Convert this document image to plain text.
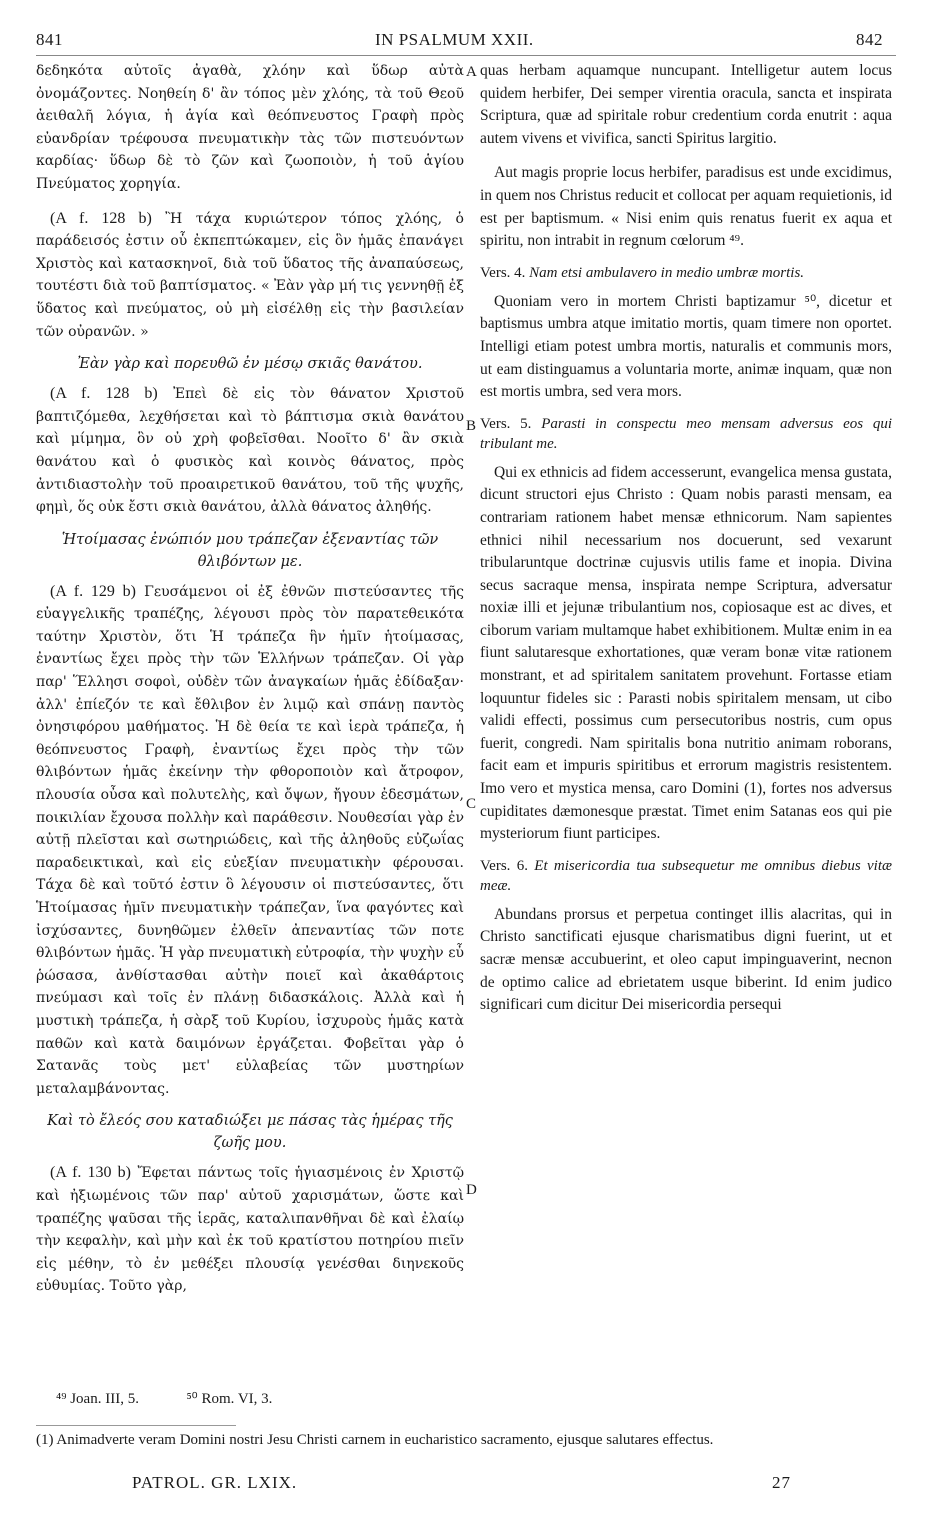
841	IN PSALMUM XXII.	842
A
B
C
D

δεδηκότα αὐτοῖς ἀγαθὰ, χλόην καὶ ὕδωρ αὐτὰ ὀνομάζοντες. Νοηθείη δ' ἂν τόπος μὲν χλόης, τὰ τοῦ Θεοῦ ἀειθαλῆ λόγια, ἡ ἁγία καὶ θεόπνευστος Γραφὴ πρὸς εὐανδρίαν τρέφουσα πνευματικὴν τὰς τῶν πιστευόντων καρδίας· ὕδωρ δὲ τὸ ζῶν καὶ ζωοποιὸν, ἡ τοῦ ἁγίου Πνεύματος χορηγία.

(A f. 128 b) Ἢ τάχα κυριώτερον τόπος χλόης, ὁ παράδεισός ἐστιν οὗ ἐκπεπτώκαμεν, εἰς ὃν ἡμᾶς ἐπανάγει Χριστὸς καὶ κατασκηνοῖ, διὰ τοῦ ὕδατος τῆς ἀναπαύσεως, τουτέστι διὰ τοῦ βαπτίσματος. « Ἐὰν γὰρ μή τις γεννηθῇ ἐξ ὕδατος καὶ πνεύματος, οὐ μὴ εἰσέλθῃ εἰς τὴν βασιλείαν τῶν οὐρανῶν. »

Ἐὰν γὰρ καὶ πορευθῶ ἐν μέσῳ σκιᾶς θανάτου.

(A f. 128 b) Ἐπεὶ δὲ εἰς τὸν θάνατον Χριστοῦ βαπτιζόμεθα, λεχθήσεται καὶ τὸ βάπτισμα σκιὰ θανάτου καὶ μίμημα, ὃν οὐ χρὴ φοβεῖσθαι. Νοοῖτο δ' ἂν σκιὰ θανάτου καὶ ὁ φυσικὸς καὶ κοινὸς θάνατος, πρὸς ἀντιδιαστολὴν τοῦ προαιρετικοῦ θανάτου, τοῦ τῆς ψυχῆς, φημὶ, ὅς οὐκ ἔστι σκιὰ θανάτου, ἀλλὰ θάνατος ἀληθής.

Ἡτοίμασας ἐνώπιόν μου τράπεζαν ἐξεναντίας τῶν θλιβόντων με.

(A f. 129 b) Γευσάμενοι οἱ ἐξ ἐθνῶν πιστεύσαντες τῆς εὐαγγελικῆς τραπέζης, λέγουσι πρὸς τὸν παρατεθεικότα ταύτην Χριστὸν, ὅτι Ἡ τράπεζα ἣν ἡμῖν ἡτοίμασας, ἐναντίως ἔχει πρὸς τὴν τῶν Ἑλλήνων τράπεζαν. Οἱ γὰρ παρ' Ἕλλησι σοφοὶ, οὐδὲν τῶν ἀναγκαίων ἡμᾶς ἐδίδαξαν· ἀλλ' ἐπίεζόν τε καὶ ἔθλιβον ἐν λιμῷ καὶ σπάνῃ παντὸς ὀνησιφόρου μαθήματος. Ἡ δὲ θεία τε καὶ ἱερὰ τράπεζα, ἡ θεόπνευστος Γραφὴ, ἐναντίως ἔχει πρὸς τὴν τῶν θλιβόντων ἡμᾶς ἐκείνην τὴν φθοροποιὸν καὶ ἄτροφον, πλουσία οὖσα καὶ πολυτελὴς, καὶ ὄψων, ἤγουν ἐδεσμάτων, ποικιλίαν ἔχουσα πολλὴν καὶ παράθεσιν. Νουθεσίαι γὰρ ἐν αὐτῇ πλεῖσται καὶ σωτηριώδεις, καὶ τῆς ἀληθοῦς εὐζωΐας παραδεικτικαὶ, καὶ εἰς εὐεξίαν πνευματικὴν φέρουσαι. Τάχα δὲ καὶ τοῦτό ἐστιν ὃ λέγουσιν οἱ πιστεύσαντες, ὅτι Ἡτοίμασας ἡμῖν πνευματικὴν τράπεζαν, ἵνα φαγόντες καὶ ἰσχύσαντες, δυνηθῶμεν ἐλθεῖν ἀπεναντίας τῶν ποτε θλιβόντων ἡμᾶς. Ἡ γὰρ πνευματικὴ εὐτροφία, τὴν ψυχὴν εὖ ῥώσασα, ἀνθίστασθαι αὐτὴν ποιεῖ καὶ ἀκαθάρτοις πνεύμασι καὶ τοῖς ἐν πλάνῃ διδασκάλοις. Ἀλλὰ καὶ ἡ μυστικὴ τράπεζα, ἡ σὰρξ τοῦ Κυρίου, ἰσχυροὺς ἡμᾶς κατὰ παθῶν καὶ κατὰ δαιμόνων ἐργάζεται. Φοβεῖται γὰρ ὁ Σατανᾶς τοὺς μετ' εὐλαβείας τῶν μυστηρίων μεταλαμβάνοντας.

Καὶ τὸ ἔλεός σου καταδιώξει με πάσας τὰς ἡμέρας τῆς ζωῆς μου.

(A f. 130 b) Ἔφεται πάντως τοῖς ἡγιασμένοις ἐν Χριστῷ καὶ ἠξιωμένοις τῶν παρ' αὐτοῦ χαρισμάτων, ὥστε καὶ τραπέζης ψαῦσαι τῆς ἱερᾶς, καταλιπανθῆναι δὲ καὶ ἐλαίῳ τὴν κεφαλὴν, καὶ μὴν καὶ ἐκ τοῦ κρατίστου ποτηρίου πιεῖν εἰς μέθην, τὸ ἐν μεθέξει πλουσίᾳ γενέσθαι διηνεκοῦς εὐθυμίας. Τοῦτο γὰρ,

quas herbam aquamque nuncupant. Intelligetur autem locus quidem herbifer, Dei semper virentia oracula, sancta et inspirata Scriptura, quæ ad spiritale robur credentium corda enutrit : aqua autem vivens et vivifica, sancti Spiritus largitio.

Aut magis proprie locus herbifer, paradisus est unde excidimus, in quem nos Christus reducit et collocat per aquam requietionis, id est per baptismum. « Nisi enim quis renatus fuerit ex aqua et spiritu, non intrabit in regnum cœlorum ⁴⁹.

Vers. 4. Nam etsi ambulavero in medio umbræ mortis.

Quoniam vero in mortem Christi baptizamur ⁵⁰, dicetur et baptismus umbra atque imitatio mortis, quam timere non oportet. Intelligi etiam potest umbra mortis, naturalis et communis mors, ut eam distinguamus a voluntaria morte, animæ inquam, quæ non est mortis umbra, sed vera mors.

Vers. 5. Parasti in conspectu meo mensam adversus eos qui tribulant me.

Qui ex ethnicis ad fidem accesserunt, evangelica mensa gustata, dicunt structori ejus Christo : Quam nobis parasti mensam, ea contrariam rationem habet mensæ ethnicorum. Nam sapientes ethnici nihil necessarium nos docuerunt, sed vexarunt tribularuntque doctrinæ cujusvis utilis fame et inopia. Divina secus sacraque mensa, inspirata nempe Scriptura, adversatur noxiæ illi et jejunæ tribulantium nos, copiosaque est ac dives, et ciborum variam multamque habet exhibitionem. Multæ enim in ea fiunt salutaresque exhortationes, quæ veram bonæ vitæ rationem monstrant, et ad spiritalem sanitatem provehunt. Fortasse etiam loquuntur fideles sic : Parasti nobis spiritalem mensam, ut cibo validi effecti, possimus cum persecutoribus nostris, cum opus fuerit, congredi. Nam spiritalis bona nutritio animam roborans, facit eam et impuris spiritibus et errorum magistris resistentem. Imo vero et mystica mensa, caro Domini (1), fortes nos adversus cupiditates dæmonesque præstat. Timet enim Satanas eos qui pie mysteriorum fiunt participes.

Vers. 6. Et misericordia tua subsequetur me omnibus diebus vitæ meæ.

Abundans prorsus et perpetua continget illis alacritas, qui in Christo sanctificati ejusque charismatibus digni fuerint, ut et sacræ mensæ accubuerint, et oleo caput impinguaverint, necnon de optimo calice ad ebrietatem usque biberint. Id enim judico significari cum dicitur Dei misericordia persequi

⁴⁹ Joan. III, 5.	⁵⁰ Rom. VI, 3.
(1) Animadverte veram Domini nostri Jesu Christi carnem in eucharistico sacramento, ejusque salutares effectus.
PATROL. GR. LXIX.	27
